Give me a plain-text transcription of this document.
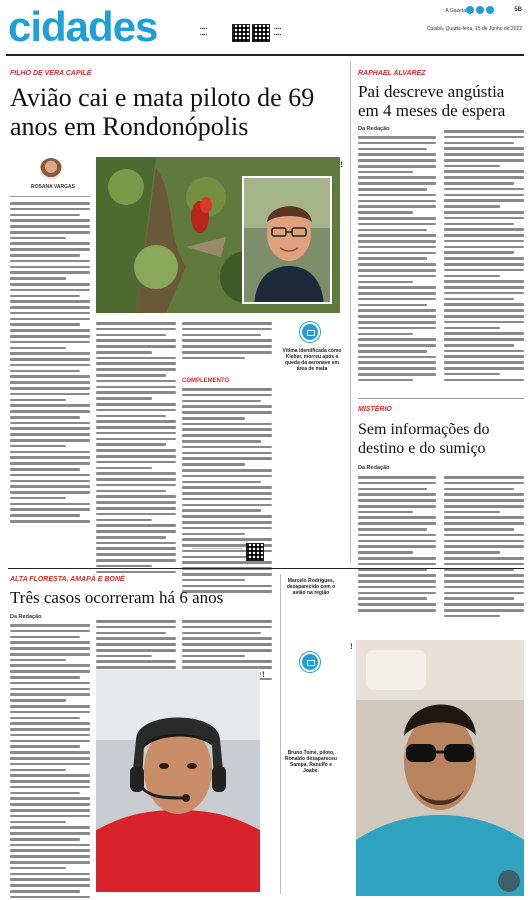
cidades	▪▪▪▪
▪▪▪▪
▪▪▪▪
▪▪▪▪
A Gazeta	5B
Cuiabá, Quarta-feira, 15 de Junho de 2022
FILHO DE VERA CAPILÉ
Avião cai e mata piloto de 69 anos em Rondonópolis
ROSANA VARGAS
!
Vítima identificada como Kleber, morreu após a queda da aeronave em área de mata
COMPLEMENTO
RAPHAEL ALVAREZ
Pai descreve angústia em 4 meses de espera
Da Redação
MISTÉRIO
Sem informações do destino e do sumiço
Da Redação
ALTA FLORESTA, AMAPÁ E BONÉ
Três casos ocorreram há 6 anos
Da Redação
!
Marcelo Rodrigues, desaparecido com o avião na região
Bruno Tomé, piloto, Ronaldo desapareceu Sampa, Ranulfo e Joabe.
!
